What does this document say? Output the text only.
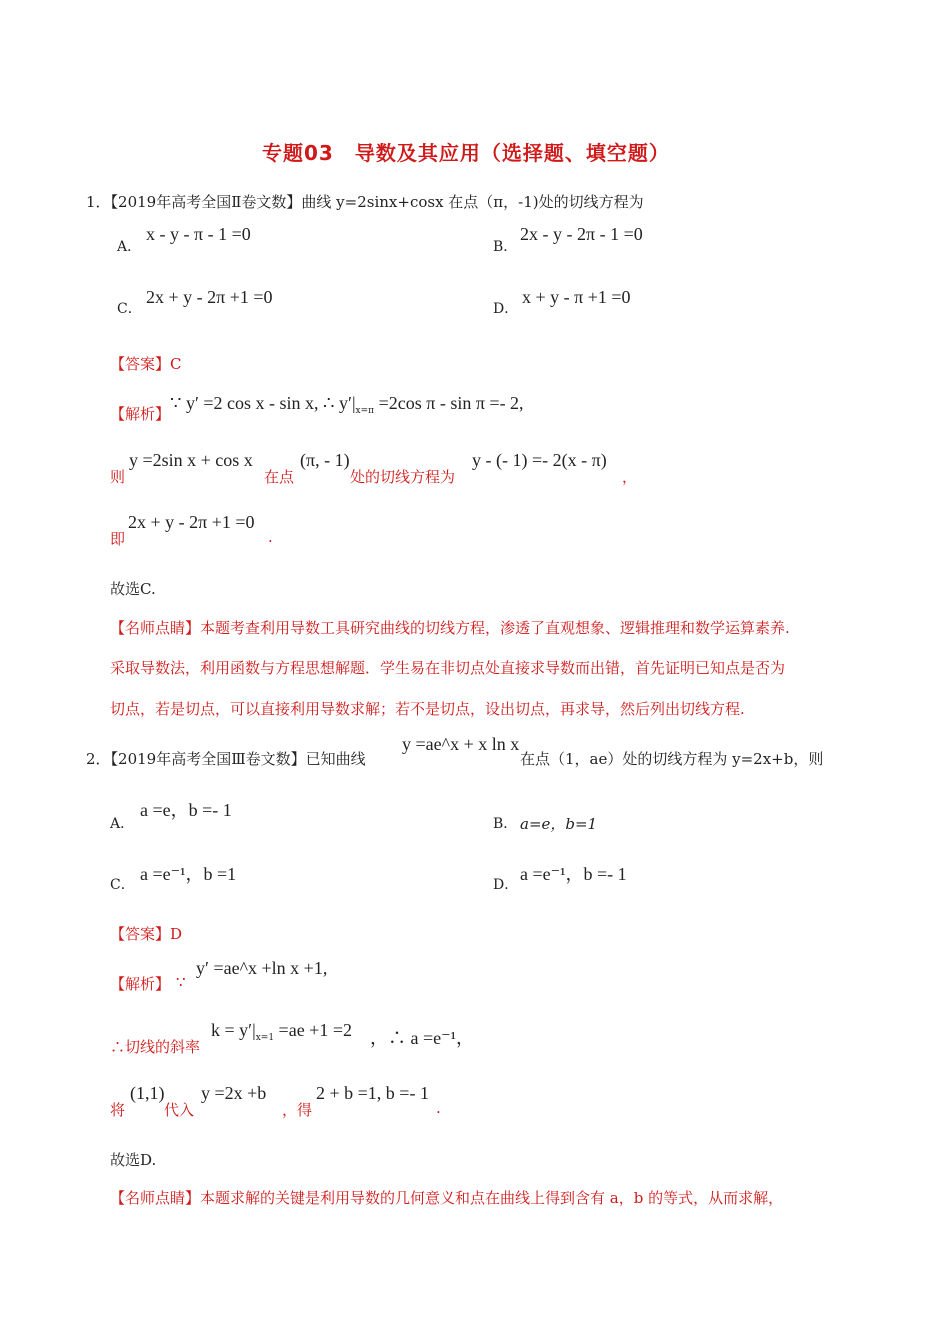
专题03　导数及其应用（选择题、填空题）
1．【2019年高考全国Ⅱ卷文数】曲线 y=2sinx+cosx 在点（π，-1)处的切线方程为
A．
x - y - π - 1 =0
B．
2x - y - 2π - 1 =0
C．
2x + y - 2π +1 =0
D．
x + y - π +1 =0
【答案】C
【解析】∵ y′ =2 cos x - sin x, ∴ $y'|_{x=\pi} =2\cos$ π - sin π =- 2,
则
y =2sin x + cos x
在点
(π, - 1)
处的切线方程为
y - (- 1) =- 2(x - π)
，
即
2x + y - 2π +1 =0
.
故选C.
【名师点睛】本题考查利用导数工具研究曲线的切线方程，渗透了直观想象、逻辑推理和数学运算素养.
采取导数法，利用函数与方程思想解题．学生易在非切点处直接求导数而出错，首先证明已知点是否为
切点，若是切点，可以直接利用导数求解；若不是切点，设出切点，再求导，然后列出切线方程.
2．【2019年高考全国Ⅲ卷文数】已知曲线
y =ae^x + x ln x
在点（1，ae）处的切线方程为 y=2x+b，则
A．
a =e，b =- 1
B． a=e，b=1
C．
a =e⁻¹，b =1
D．
a =e⁻¹，b =- 1
【答案】D
【解析】 ∵
y′ =ae^x +ln x +1,
∴切线的斜率
$k = y'|_{x=1} =ae +1 =2$ ，∴ a =e⁻¹，
将
(1,1)
代入
y =2x +b
，得
2 + b =1, b =- 1
.
故选D.
【名师点睛】本题求解的关键是利用导数的几何意义和点在曲线上得到含有 a，b 的等式，从而求解，
